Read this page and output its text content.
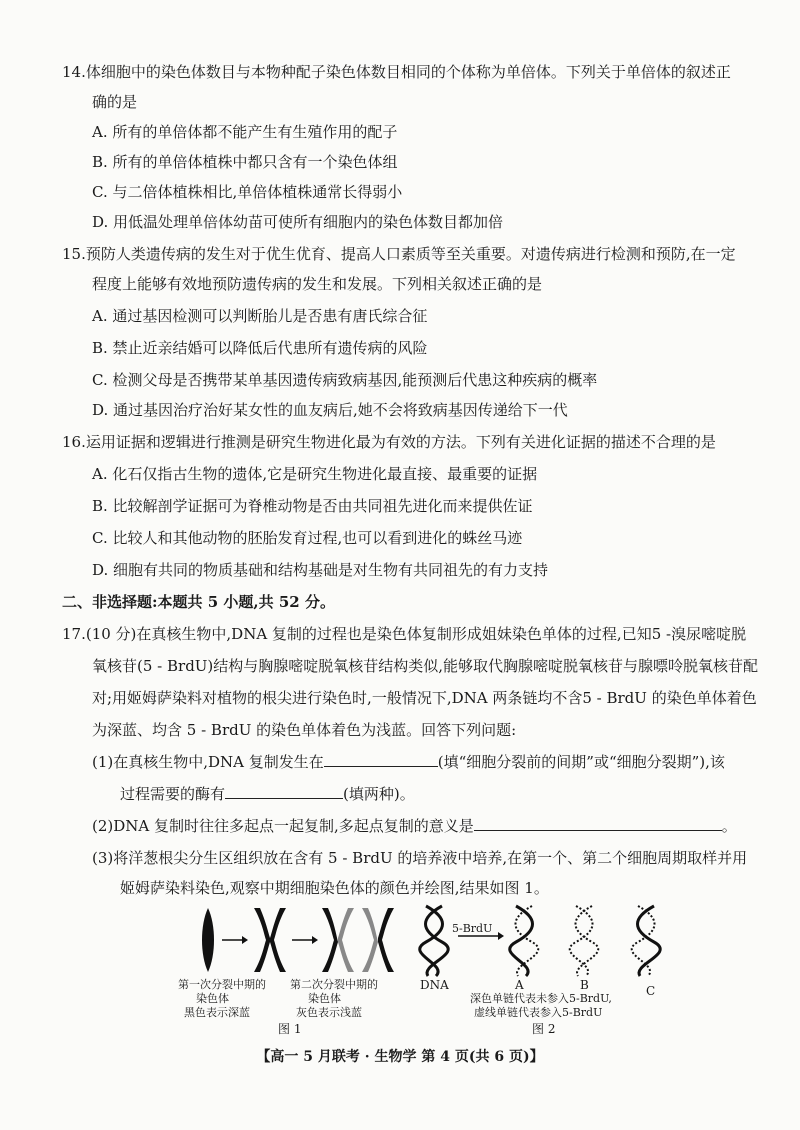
14.体细胞中的染色体数目与本物种配子染色体数目相同的个体称为单倍体。下列关于单倍体的叙述正
确的是
A. 所有的单倍体都不能产生有生殖作用的配子
B. 所有的单倍体植株中都只含有一个染色体组
C. 与二倍体植株相比,单倍体植株通常长得弱小
D. 用低温处理单倍体幼苗可使所有细胞内的染色体数目都加倍
15.预防人类遗传病的发生对于优生优育、提高人口素质等至关重要。对遗传病进行检测和预防,在一定
程度上能够有效地预防遗传病的发生和发展。下列相关叙述正确的是
A. 通过基因检测可以判断胎儿是否患有唐氏综合征
B. 禁止近亲结婚可以降低后代患所有遗传病的风险
C. 检测父母是否携带某单基因遗传病致病基因,能预测后代患这种疾病的概率
D. 通过基因治疗治好某女性的血友病后,她不会将致病基因传递给下一代
16.运用证据和逻辑进行推测是研究生物进化最为有效的方法。下列有关进化证据的描述不合理的是
A. 化石仅指古生物的遗体,它是研究生物进化最直接、最重要的证据
B. 比较解剖学证据可为脊椎动物是否由共同祖先进化而来提供佐证
C. 比较人和其他动物的胚胎发育过程,也可以看到进化的蛛丝马迹
D. 细胞有共同的物质基础和结构基础是对生物有共同祖先的有力支持
二、非选择题:本题共 5 小题,共 52 分。
17.(10 分)在真核生物中,DNA 复制的过程也是染色体复制形成姐妹染色单体的过程,已知5 -溴尿嘧啶脱
氧核苷(5 - BrdU)结构与胸腺嘧啶脱氧核苷结构类似,能够取代胸腺嘧啶脱氧核苷与腺嘌呤脱氧核苷配
对;用姬姆萨染料对植物的根尖进行染色时,一般情况下,DNA 两条链均不含5 - BrdU 的染色单体着色
为深蓝、均含 5 - BrdU 的染色单体着色为浅蓝。回答下列问题:
(1)在真核生物中,DNA 复制发生在	(填“细胞分裂前的间期”或“细胞分裂期”),该
过程需要的酶有	(填两种)。
(2)DNA 复制时往往多起点一起复制,多起点复制的意义是	。
(3)将洋葱根尖分生区组织放在含有 5 - BrdU 的培养液中培养,在第一个、第二个细胞周期取样并用
姬姆萨染料染色,观察中期细胞染色体的颜色并绘图,结果如图 1。
第一次分裂中期的
染色体
黑色表示深蓝
第二次分裂中期的
染色体
灰色表示浅蓝
图 1
5-BrdU
DNA	A	B	C
深色单链代表未参入5-BrdU,
虚线单链代表参入5-BrdU
图 2
【高一 5 月联考 · 生物学 第 4 页(共 6 页)】
